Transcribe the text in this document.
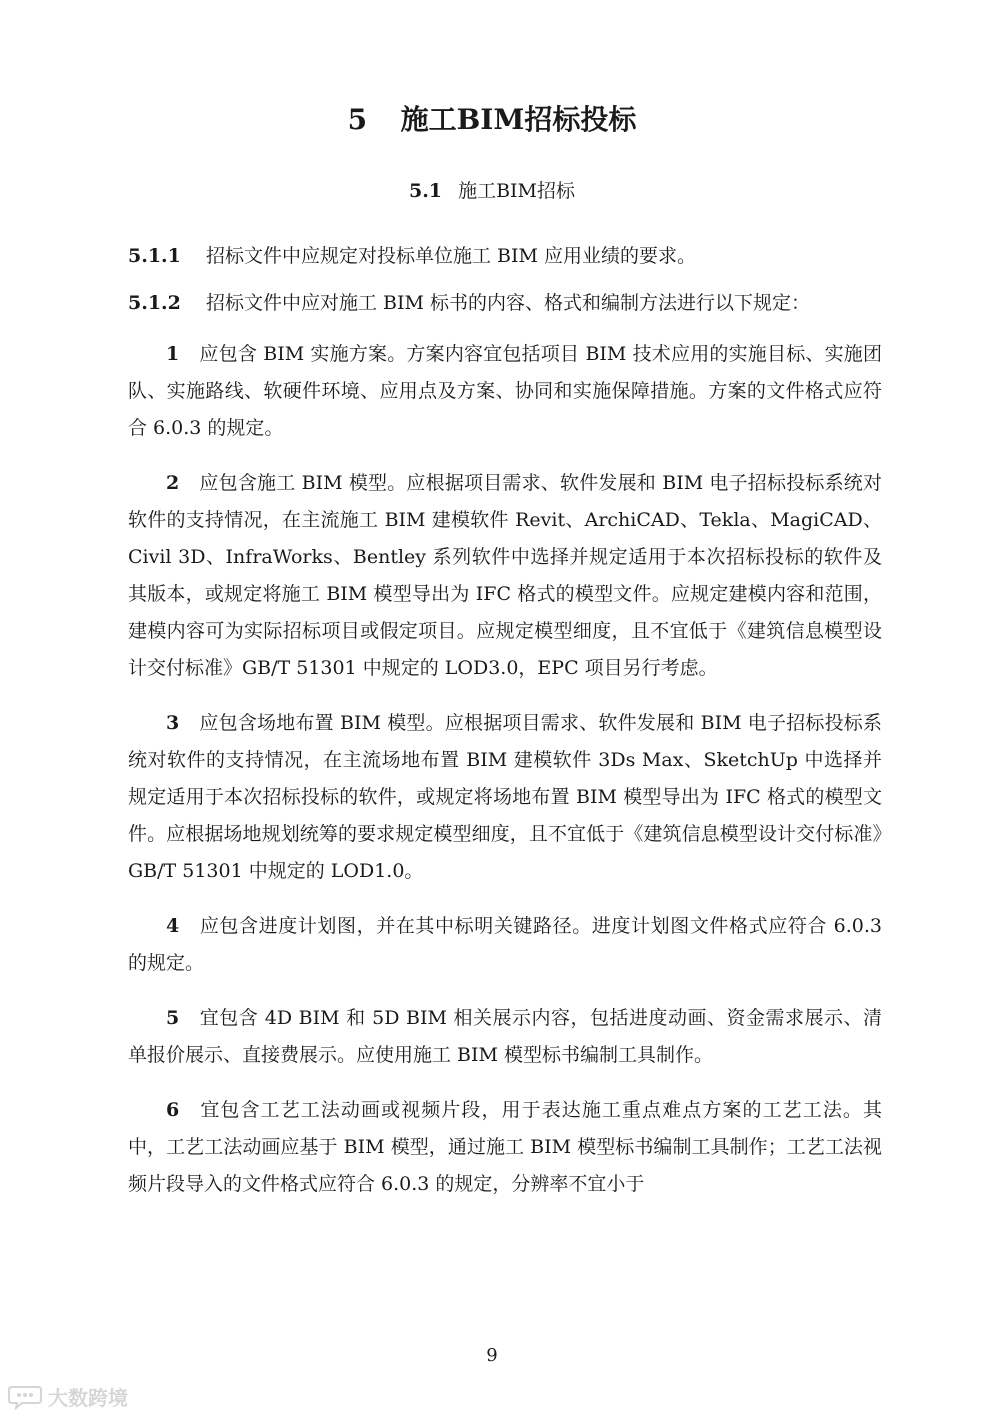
5 施工BIM招标投标
5.1 施工BIM招标

5.1.1 招标文件中应规定对投标单位施工 BIM 应用业绩的要求。

5.1.2 招标文件中应对施工 BIM 标书的内容、格式和编制方法进行以下规定：

1 应包含 BIM 实施方案。方案内容宜包括项目 BIM 技术应用的实施目标、实施团队、实施路线、软硬件环境、应用点及方案、协同和实施保障措施。方案的文件格式应符合 6.0.3 的规定。

2 应包含施工 BIM 模型。应根据项目需求、软件发展和 BIM 电子招标投标系统对软件的支持情况，在主流施工 BIM 建模软件 Revit、ArchiCAD、Tekla、MagiCAD、Civil 3D、InfraWorks、Bentley 系列软件中选择并规定适用于本次招标投标的软件及其版本，或规定将施工 BIM 模型导出为 IFC 格式的模型文件。应规定建模内容和范围，建模内容可为实际招标项目或假定项目。应规定模型细度，且不宜低于《建筑信息模型设计交付标准》GB/T 51301 中规定的 LOD3.0，EPC 项目另行考虑。

3 应包含场地布置 BIM 模型。应根据项目需求、软件发展和 BIM 电子招标投标系统对软件的支持情况，在主流场地布置 BIM 建模软件 3Ds Max、SketchUp 中选择并规定适用于本次招标投标的软件，或规定将场地布置 BIM 模型导出为 IFC 格式的模型文件。应根据场地规划统筹的要求规定模型细度，且不宜低于《建筑信息模型设计交付标准》GB/T 51301 中规定的 LOD1.0。

4 应包含进度计划图，并在其中标明关键路径。进度计划图文件格式应符合 6.0.3 的规定。

5 宜包含 4D BIM 和 5D BIM 相关展示内容，包括进度动画、资金需求展示、清单报价展示、直接费展示。应使用施工 BIM 模型标书编制工具制作。

6 宜包含工艺工法动画或视频片段，用于表达施工重点难点方案的工艺工法。其中，工艺工法动画应基于 BIM 模型，通过施工 BIM 模型标书编制工具制作；工艺工法视频片段导入的文件格式应符合 6.0.3 的规定，分辨率不宜小于

9
大数跨境
